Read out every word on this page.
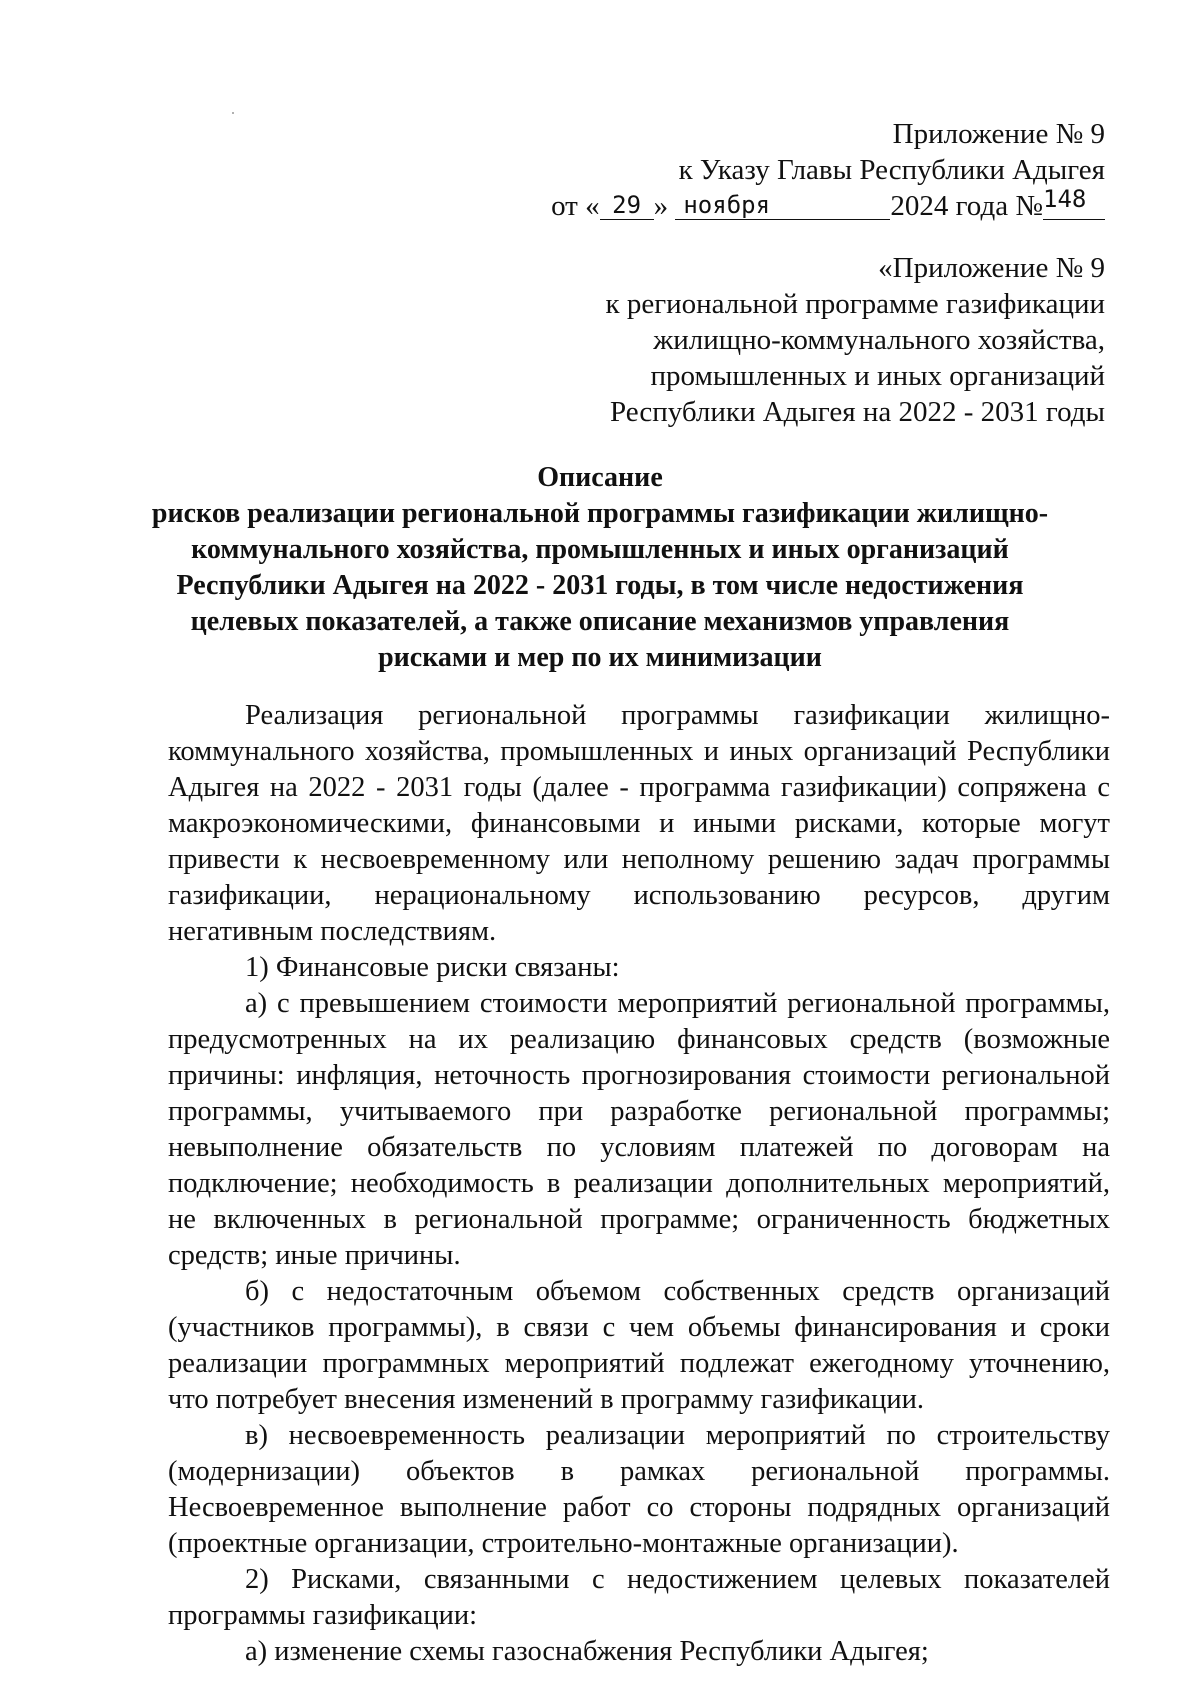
Приложение № 9
к Указу Главы Республики Адыгея
от « 29 » ноября	2024 года №148
«Приложение № 9
к региональной программе газификации
жилищно-коммунального хозяйства,
промышленных и иных организаций
Республики Адыгея на 2022 - 2031 годы
Описание
рисков реализации региональной программы газификации жилищно-
коммунального хозяйства, промышленных и иных организаций
Республики Адыгея на 2022 - 2031 годы, в том числе недостижения
целевых показателей, а также описание механизмов управления
рисками и мер по их минимизации

Реализация региональной программы газификации жилищно-коммунального хозяйства, промышленных и иных организаций Республики Адыгея на 2022 - 2031 годы (далее - программа газификации) сопряжена с макроэкономическими, финансовыми и иными рисками, которые могут привести к несвоевременному или неполному решению задач программы газификации, нерациональному использованию ресурсов, другим негативным последствиям.

1) Финансовые риски связаны:

а) с превышением стоимости мероприятий региональной программы, предусмотренных на их реализацию финансовых средств (возможные причины: инфляция, неточность прогнозирования стоимости региональной программы, учитываемого при разработке региональной программы; невыполнение обязательств по условиям платежей по договорам на подключение; необходимость в реализации дополнительных мероприятий, не включенных в региональной программе; ограниченность бюджетных средств; иные причины.

б) с недостаточным объемом собственных средств организаций (участников программы), в связи с чем объемы финансирования и сроки реализации программных мероприятий подлежат ежегодному уточнению, что потребует внесения изменений в программу газификации.

в) несвоевременность реализации мероприятий по строительству (модернизации) объектов в рамках региональной программы. Несвоевременное выполнение работ со стороны подрядных организаций (проектные организации, строительно-монтажные организации).

2) Рисками, связанными с недостижением целевых показателей программы газификации:

а) изменение схемы газоснабжения Республики Адыгея;
